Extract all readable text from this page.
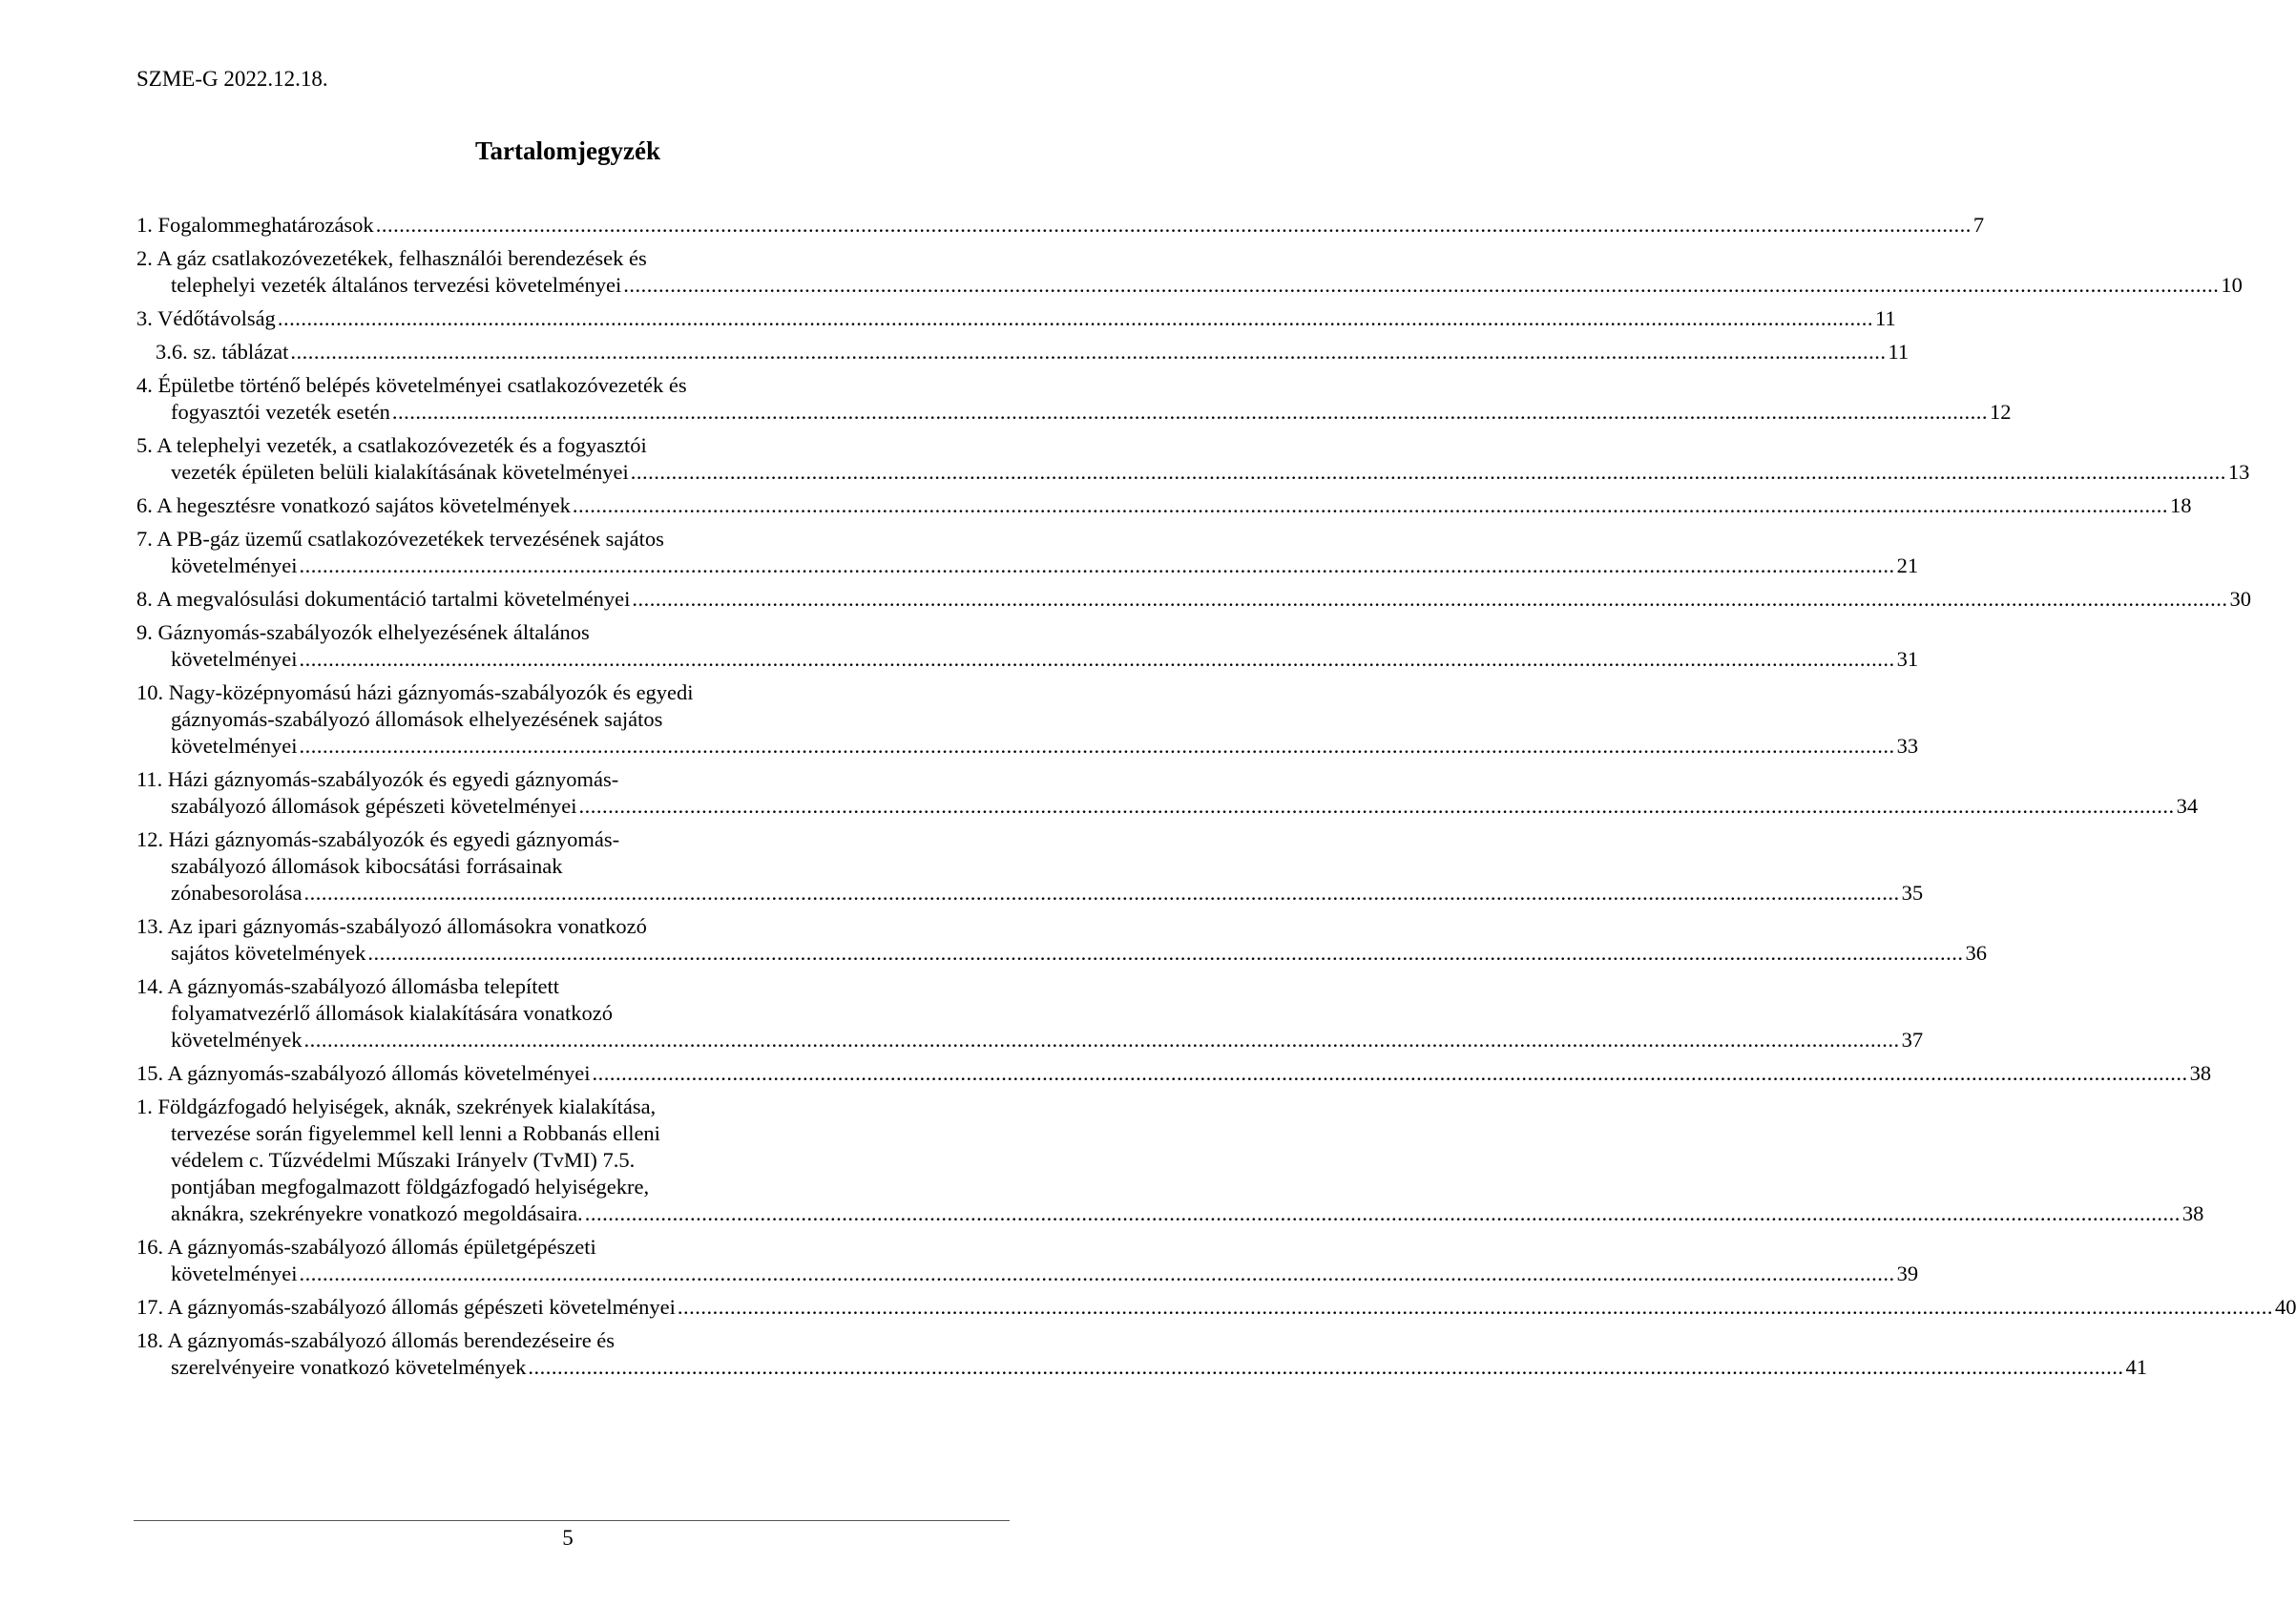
SZME-G 2022.12.18.
Tartalomjegyzék
1. Fogalommeghatározások .....	7
2. A gáz csatlakozóvezetékek, felhasználói berendezések és
telephelyi vezeték általános tervezési követelményei .....	10
3. Védőtávolság .....	11
3.6. sz. táblázat .....	11
4. Épületbe történő belépés követelményei csatlakozóvezeték és
fogyasztói vezeték esetén .....	12
5. A telephelyi vezeték, a csatlakozóvezeték és a fogyasztói
vezeték épületen belüli kialakításának követelményei .....	13
6. A hegesztésre vonatkozó sajátos követelmények .....	18
7. A PB-gáz üzemű csatlakozóvezetékek tervezésének sajátos
követelményei .....	21
8. A megvalósulási dokumentáció tartalmi követelményei .....	30
9. Gáznyomás-szabályozók elhelyezésének általános
követelményei .....	31
10. Nagy-középnyomású házi gáznyomás-szabályozók és egyedi
gáznyomás-szabályozó állomások elhelyezésének sajátos
követelményei .....	33
11. Házi gáznyomás-szabályozók és egyedi gáznyomás-
szabályozó állomások gépészeti követelményei .....	34
12. Házi gáznyomás-szabályozók és egyedi gáznyomás-
szabályozó állomások kibocsátási forrásainak
zónabesorolása .....	35
13. Az ipari gáznyomás-szabályozó állomásokra vonatkozó
sajátos követelmények .....	36
14. A gáznyomás-szabályozó állomásba telepített
folyamatvezérlő állomások kialakítására vonatkozó
követelmények .....	37
15. A gáznyomás-szabályozó állomás követelményei .....	38
1. Földgázfogadó helyiségek, aknák, szekrények kialakítása,
tervezése során figyelemmel kell lenni a Robbanás elleni
védelem c. Tűzvédelmi Műszaki Irányelv (TvMI) 7.5.
pontjában megfogalmazott földgázfogadó helyiségekre,
aknákra, szekrényekre vonatkozó megoldásaira. .....	38
16. A gáznyomás-szabályozó állomás épületgépészeti
követelményei .....	39
17. A gáznyomás-szabályozó állomás gépészeti követelményei .....	40
18. A gáznyomás-szabályozó állomás berendezéseire és
szerelvényeire vonatkozó követelmények .....	41
5
